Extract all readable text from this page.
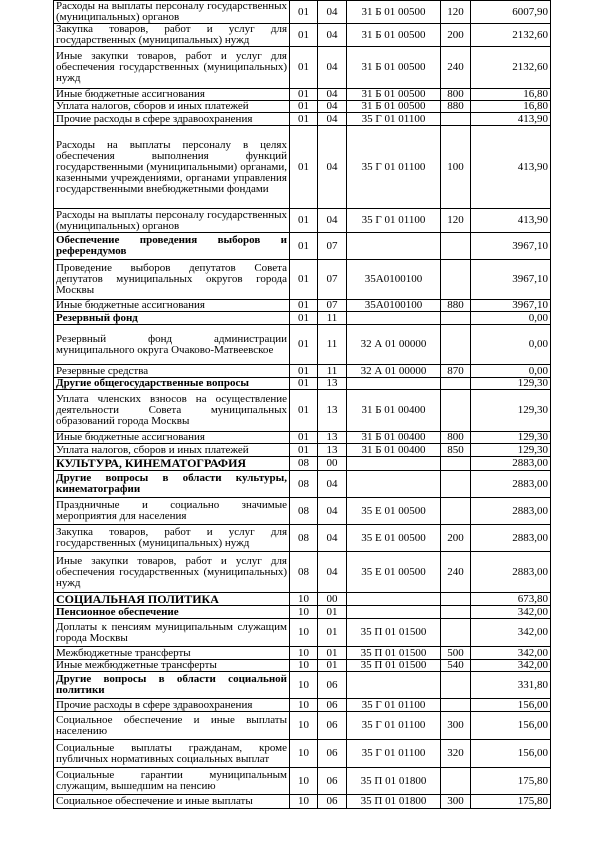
Расходы на выплаты персоналу государственных (муниципальных) органов	01	04	31 Б 01 00500	120	6007,90
Закупка товаров, работ и услуг для государственных (муниципальных) нужд	01	04	31 Б 01 00500	200	2132,60
Иные закупки товаров, работ и услуг для обеспечения государственных (муниципальных) нужд	01	04	31 Б 01 00500	240	2132,60
Иные бюджетные ассигнования	01	04	31 Б 01 00500	800	16,80
Уплата налогов, сборов и иных платежей	01	04	31 Б 01 00500	880	16,80
Прочие расходы в сфере здравоохранения	01	04	35 Г 01 01100		413,90
Расходы на выплаты персоналу в целях обеспечения выполнения функций государственными (муниципальными) органами, казенными учреждениями, органами управления государственными внебюджетными фондами	01	04	35 Г 01 01100	100	413,90
Расходы на выплаты персоналу государственных (муниципальных) органов	01	04	35 Г 01 01100	120	413,90
Обеспечение проведения выборов и референдумов	01	07			3967,10
Проведение выборов депутатов Совета депутатов муниципальных округов города Москвы	01	07	35А0100100		3967,10
Иные бюджетные ассигнования	01	07	35А0100100	880	3967,10
Резервный фонд	01	11			0,00
Резервный фонд администрации муниципального округа Очаково-Матвеевское	01	11	32 А 01 00000		0,00
Резервные средства	01	11	32 А 01 00000	870	0,00
Другие общегосударственные вопросы	01	13			129,30
Уплата членских взносов на осуществление деятельности Совета муниципальных образований города Москвы	01	13	31 Б 01 00400		129,30
Иные бюджетные ассигнования	01	13	31 Б 01 00400	800	129,30
Уплата налогов, сборов и иных платежей	01	13	31 Б 01 00400	850	129,30
КУЛЬТУРА, КИНЕМАТОГРАФИЯ	08	00			2883,00
Другие вопросы в области культуры, кинематографии	08	04			2883,00
Праздничные и социально значимые мероприятия для населения	08	04	35 Е 01 00500		2883,00
Закупка товаров, работ и услуг для государственных (муниципальных) нужд	08	04	35 Е 01 00500	200	2883,00
Иные закупки товаров, работ и услуг для обеспечения государственных (муниципальных) нужд	08	04	35 Е 01 00500	240	2883,00
СОЦИАЛЬНАЯ ПОЛИТИКА	10	00			673,80
Пенсионное обеспечение	10	01			342,00
Доплаты к пенсиям муниципальным служащим города Москвы	10	01	35 П 01 01500		342,00
Межбюджетные трансферты	10	01	35 П 01 01500	500	342,00
Иные межбюджетные трансферты	10	01	35 П 01 01500	540	342,00
Другие вопросы в области социальной политики	10	06			331,80
Прочие расходы в сфере здравоохранения	10	06	35 Г 01 01100		156,00
Социальное обеспечение и иные выплаты населению	10	06	35 Г 01 01100	300	156,00
Социальные выплаты гражданам, кроме публичных нормативных социальных выплат	10	06	35 Г 01 01100	320	156,00
Социальные гарантии муниципальным служащим, вышедшим на пенсию	10	06	35 П 01 01800		175,80
Социальное обеспечение и иные выплаты	10	06	35 П 01 01800	300	175,80
